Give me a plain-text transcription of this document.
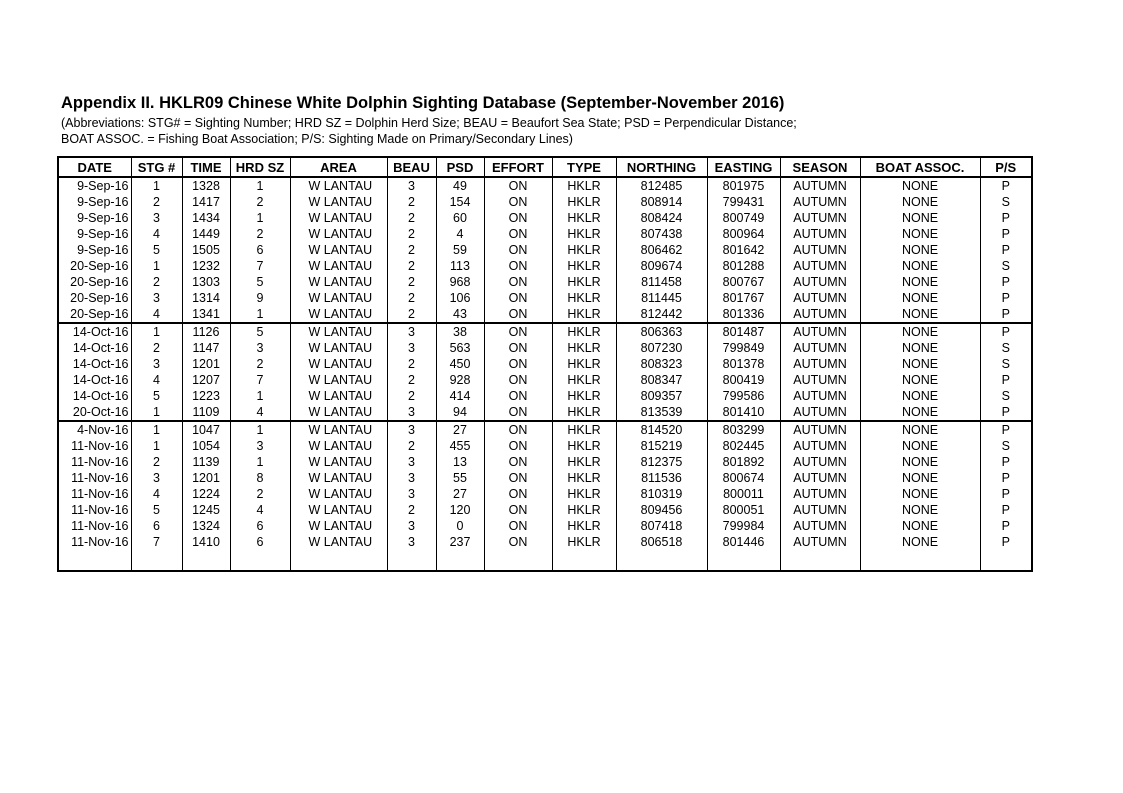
Appendix II. HKLR09 Chinese White Dolphin Sighting Database (September-November 2016)
(Abbreviations: STG# = Sighting Number; HRD SZ = Dolphin Herd Size; BEAU = Beaufort Sea State; PSD = Perpendicular Distance;
BOAT ASSOC. = Fishing Boat Association; P/S: Sighting Made on Primary/Secondary Lines)
DATE	STG #	TIME	HRD SZ	AREA	BEAU	PSD	EFFORT	TYPE	NORTHING	EASTING	SEASON	BOAT ASSOC.	P/S
9-Sep-16	1	1328	1	W LANTAU	3	49	ON	HKLR	812485	801975	AUTUMN	NONE	P
9-Sep-16	2	1417	2	W LANTAU	2	154	ON	HKLR	808914	799431	AUTUMN	NONE	S
9-Sep-16	3	1434	1	W LANTAU	2	60	ON	HKLR	808424	800749	AUTUMN	NONE	P
9-Sep-16	4	1449	2	W LANTAU	2	4	ON	HKLR	807438	800964	AUTUMN	NONE	P
9-Sep-16	5	1505	6	W LANTAU	2	59	ON	HKLR	806462	801642	AUTUMN	NONE	P
20-Sep-16	1	1232	7	W LANTAU	2	113	ON	HKLR	809674	801288	AUTUMN	NONE	S
20-Sep-16	2	1303	5	W LANTAU	2	968	ON	HKLR	811458	800767	AUTUMN	NONE	P
20-Sep-16	3	1314	9	W LANTAU	2	106	ON	HKLR	811445	801767	AUTUMN	NONE	P
20-Sep-16	4	1341	1	W LANTAU	2	43	ON	HKLR	812442	801336	AUTUMN	NONE	P
14-Oct-16	1	1126	5	W LANTAU	3	38	ON	HKLR	806363	801487	AUTUMN	NONE	P
14-Oct-16	2	1147	3	W LANTAU	3	563	ON	HKLR	807230	799849	AUTUMN	NONE	S
14-Oct-16	3	1201	2	W LANTAU	2	450	ON	HKLR	808323	801378	AUTUMN	NONE	S
14-Oct-16	4	1207	7	W LANTAU	2	928	ON	HKLR	808347	800419	AUTUMN	NONE	P
14-Oct-16	5	1223	1	W LANTAU	2	414	ON	HKLR	809357	799586	AUTUMN	NONE	S
20-Oct-16	1	1109	4	W LANTAU	3	94	ON	HKLR	813539	801410	AUTUMN	NONE	P
4-Nov-16	1	1047	1	W LANTAU	3	27	ON	HKLR	814520	803299	AUTUMN	NONE	P
11-Nov-16	1	1054	3	W LANTAU	2	455	ON	HKLR	815219	802445	AUTUMN	NONE	S
11-Nov-16	2	1139	1	W LANTAU	3	13	ON	HKLR	812375	801892	AUTUMN	NONE	P
11-Nov-16	3	1201	8	W LANTAU	3	55	ON	HKLR	811536	800674	AUTUMN	NONE	P
11-Nov-16	4	1224	2	W LANTAU	3	27	ON	HKLR	810319	800011	AUTUMN	NONE	P
11-Nov-16	5	1245	4	W LANTAU	2	120	ON	HKLR	809456	800051	AUTUMN	NONE	P
11-Nov-16	6	1324	6	W LANTAU	3	0	ON	HKLR	807418	799984	AUTUMN	NONE	P
11-Nov-16	7	1410	6	W LANTAU	3	237	ON	HKLR	806518	801446	AUTUMN	NONE	P
